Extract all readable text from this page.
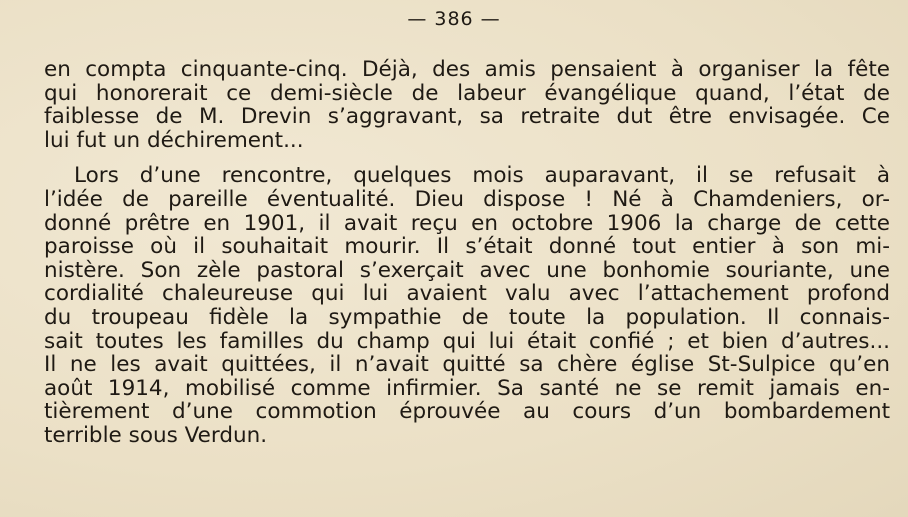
— 386 —
en compta cinquante-cinq. Déjà, des amis pensaient à organiser la fête
qui honorerait ce demi-siècle de labeur évangélique quand, l’état de
faiblesse de M. Drevin s’aggravant, sa retraite dut être envisagée. Ce
lui fut un déchirement...
Lors d’une rencontre, quelques mois auparavant, il se refusait à
l’idée de pareille éventualité. Dieu dispose ! Né à Chamdeniers, or-
donné prêtre en 1901, il avait reçu en octobre 1906 la charge de cette
paroisse où il souhaitait mourir. Il s’était donné tout entier à son mi-
nistère. Son zèle pastoral s’exerçait avec une bonhomie souriante, une
cordialité chaleureuse qui lui avaient valu avec l’attachement profond
du troupeau fidèle la sympathie de toute la population. Il connais-
sait toutes les familles du champ qui lui était confié ; et bien d’autres...
Il ne les avait quittées, il n’avait quitté sa chère église St-Sulpice qu’en
août 1914, mobilisé comme infirmier. Sa santé ne se remit jamais en-
tièrement d’une commotion éprouvée au cours d’un bombardement
terrible sous Verdun.
